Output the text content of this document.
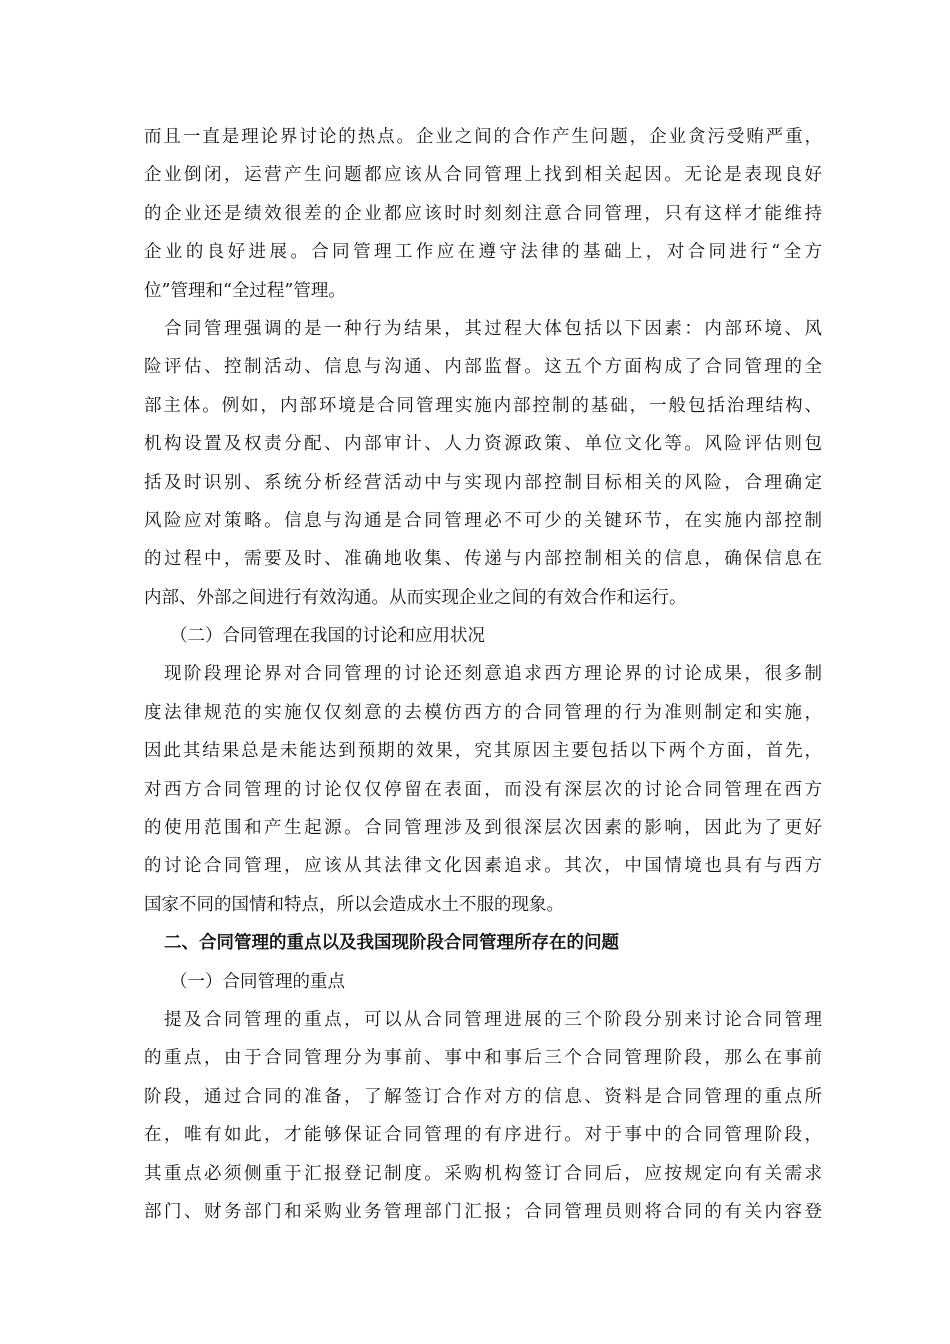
而且一直是理论界讨论的热点。企业之间的合作产生问题，企业贪污受贿严重，
企业倒闭，运营产生问题都应该从合同管理上找到相关起因。无论是表现良好
的企业还是绩效很差的企业都应该时时刻刻注意合同管理，只有这样才能维持
企业的良好进展。合同管理工作应在遵守法律的基础上，对合同进行“全方
位”管理和“全过程”管理。
合同管理强调的是一种行为结果，其过程大体包括以下因素：内部环境、风
险评估、控制活动、信息与沟通、内部监督。这五个方面构成了合同管理的全
部主体。例如，内部环境是合同管理实施内部控制的基础，一般包括治理结构、
机构设置及权责分配、内部审计、人力资源政策、单位文化等。风险评估则包
括及时识别、系统分析经营活动中与实现内部控制目标相关的风险，合理确定
风险应对策略。信息与沟通是合同管理必不可少的关键环节，在实施内部控制
的过程中，需要及时、准确地收集、传递与内部控制相关的信息，确保信息在
内部、外部之间进行有效沟通。从而实现企业之间的有效合作和运行。
（二）合同管理在我国的讨论和应用状况
现阶段理论界对合同管理的讨论还刻意追求西方理论界的讨论成果，很多制
度法律规范的实施仅仅刻意的去模仿西方的合同管理的行为准则制定和实施，
因此其结果总是未能达到预期的效果，究其原因主要包括以下两个方面，首先，
对西方合同管理的讨论仅仅停留在表面，而没有深层次的讨论合同管理在西方
的使用范围和产生起源。合同管理涉及到很深层次因素的影响，因此为了更好
的讨论合同管理，应该从其法律文化因素追求。其次，中国情境也具有与西方
国家不同的国情和特点，所以会造成水土不服的现象。
二、合同管理的重点以及我国现阶段合同管理所存在的问题
（一）合同管理的重点
提及合同管理的重点，可以从合同管理进展的三个阶段分别来讨论合同管理
的重点，由于合同管理分为事前、事中和事后三个合同管理阶段，那么在事前
阶段，通过合同的准备，了解签订合作对方的信息、资料是合同管理的重点所
在，唯有如此，才能够保证合同管理的有序进行。对于事中的合同管理阶段，
其重点必须侧重于汇报登记制度。采购机构签订合同后，应按规定向有关需求
部门、财务部门和采购业务管理部门汇报；合同管理员则将合同的有关内容登
